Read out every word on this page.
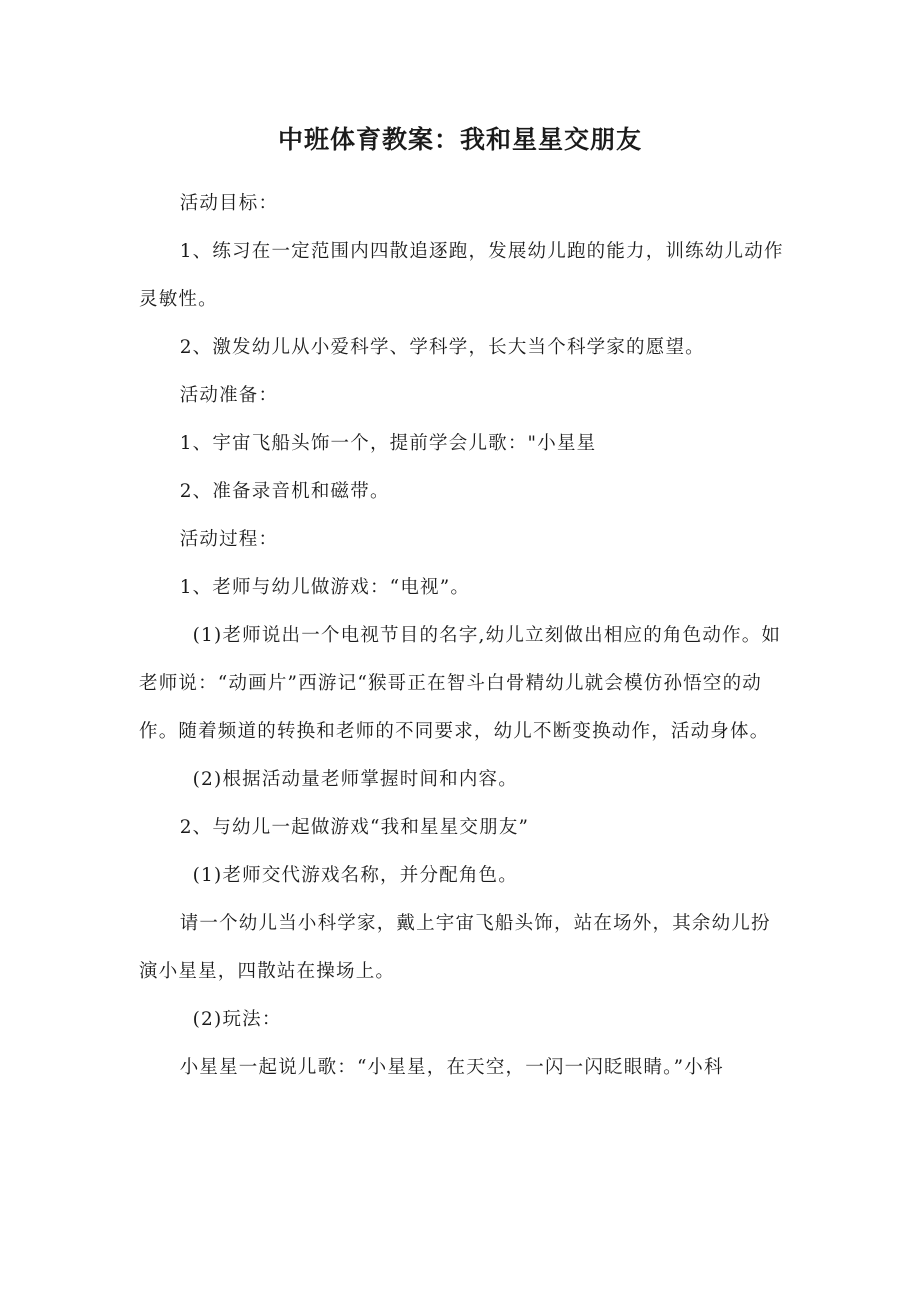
中班体育教案：我和星星交朋友

活动目标：

1、练习在一定范围内四散追逐跑，发展幼儿跑的能力，训练幼儿动作灵敏性。

2、激发幼儿从小爱科学、学科学，长大当个科学家的愿望。

活动准备：

1、宇宙飞船头饰一个，提前学会儿歌："小星星

2、准备录音机和磁带。

活动过程：

1、老师与幼儿做游戏：“电视”。

(1)老师说出一个电视节目的名字,幼儿立刻做出相应的角色动作。如老师说：“动画片”西游记“猴哥正在智斗白骨精幼儿就会模仿孙悟空的动作。随着频道的转换和老师的不同要求，幼儿不断变换动作，活动身体。

(2)根据活动量老师掌握时间和内容。

2、与幼儿一起做游戏“我和星星交朋友”

(1)老师交代游戏名称，并分配角色。

请一个幼儿当小科学家，戴上宇宙飞船头饰，站在场外，其余幼儿扮演小星星，四散站在操场上。

(2)玩法：

小星星一起说儿歌：“小星星，在天空，一闪一闪眨眼睛。”小科
